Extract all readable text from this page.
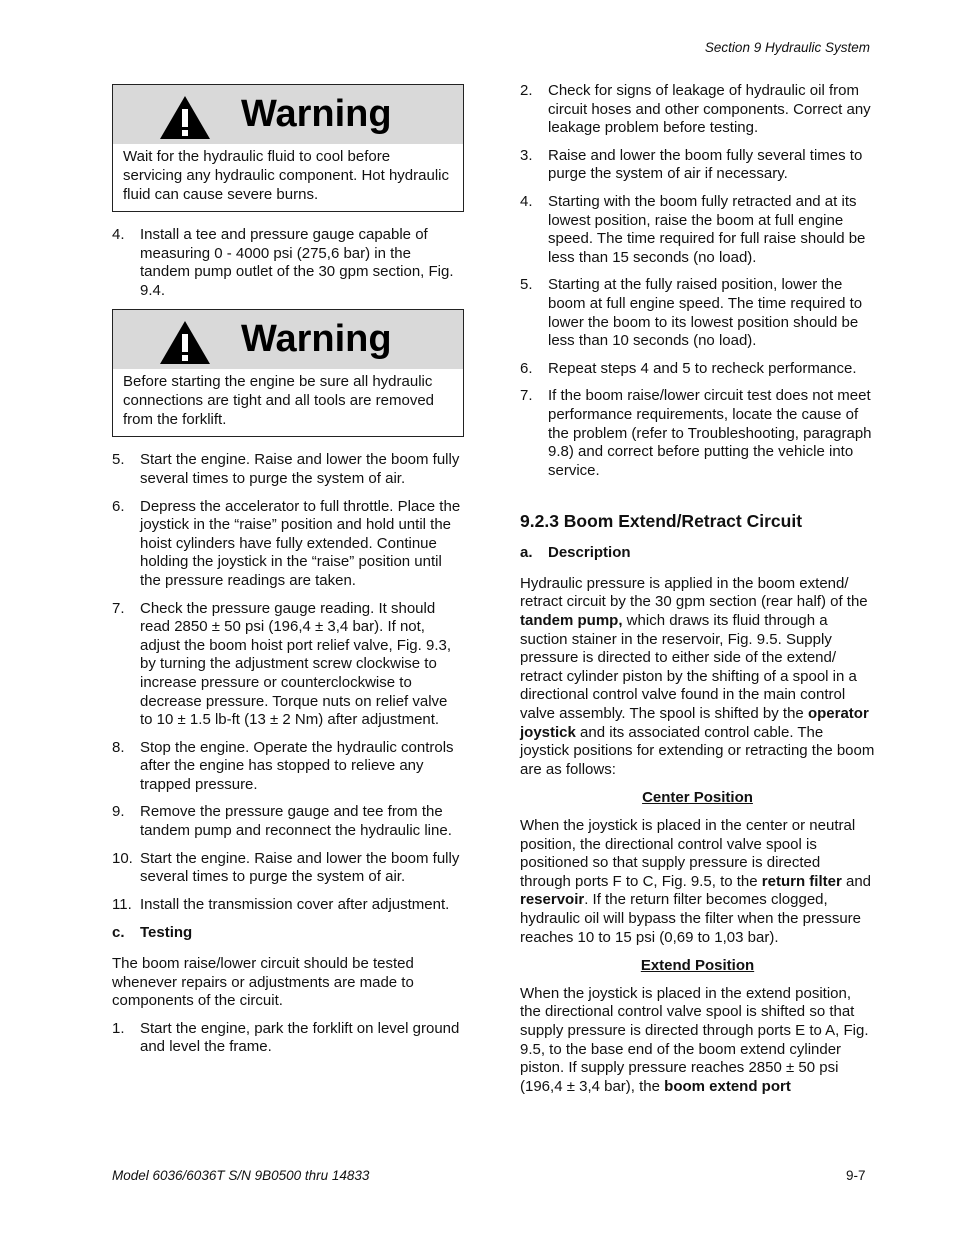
Section 9 Hydraulic System
Warning
Wait for the hydraulic fluid to cool before servicing any hydraulic component. Hot hydraulic fluid can cause severe burns.
4.	Install a tee and pressure gauge capable of measuring 0 - 4000 psi (275,6 bar) in the tandem pump outlet of the 30 gpm section, Fig. 9.4.
Warning
Before starting the engine be sure all hydraulic connections are tight and all tools are removed from the forklift.
5.	Start the engine. Raise and lower the boom fully several times to purge the system of air.
6.	Depress the accelerator to full throttle. Place the joystick in the “raise” position and hold until the hoist cylinders have fully extended. Continue holding the joystick in the “raise” position until the pressure readings are taken.
7.	Check the pressure gauge reading. It should read 2850 ± 50 psi (196,4 ± 3,4 bar). If not, adjust the boom hoist port relief valve, Fig. 9.3, by turning the adjustment screw clockwise to increase pressure or counterclockwise to decrease pressure. Torque nuts on relief valve to 10 ± 1.5 lb-ft (13 ± 2 Nm) after adjustment.
8.	Stop the engine. Operate the hydraulic controls after the engine has stopped to relieve any trapped pressure.
9.	Remove the pressure gauge and tee from the tandem pump and reconnect the hydraulic line.
10. Start the engine. Raise and lower the boom fully several times to purge the system of air.
11. Install the transmission cover after adjustment.
c. Testing

The boom raise/lower circuit should be tested whenever repairs or adjustments are made to components of the circuit.

1.	Start the engine, park the forklift on level ground and level the frame.
2.	Check for signs of leakage of hydraulic oil from circuit hoses and other components. Correct any leakage problem before testing.
3.	Raise and lower the boom fully several times to purge the system of air if necessary.
4.	Starting with the boom fully retracted and at its lowest position, raise the boom at full engine speed. The time required for full raise should be less than 15 seconds (no load).
5.	Starting at the fully raised position, lower the boom at full engine speed. The time required to lower the boom to its lowest position should be less than 10 seconds (no load).
6.	Repeat steps 4 and 5 to recheck performance.
7.	If the boom raise/lower circuit test does not meet performance requirements, locate the cause of the problem (refer to Troubleshooting, paragraph 9.8) and correct before putting the vehicle into service.
9.2.3 Boom Extend/Retract Circuit
a. Description

Hydraulic pressure is applied in the boom extend/ retract circuit by the 30 gpm section (rear half) of the tandem pump, which draws its fluid through a suction stainer in the reservoir, Fig. 9.5. Supply pressure is directed to either side of the extend/ retract cylinder piston by the shifting of a spool in a directional control valve found in the main control valve assembly. The spool is shifted by the operator joystick and its associated control cable. The joystick positions for extending or retracting the boom are as follows:

Center Position

When the joystick is placed in the center or neutral position, the directional control valve spool is positioned so that supply pressure is directed through ports F to C, Fig. 9.5, to the return filter and reservoir. If the return filter becomes clogged, hydraulic oil will bypass the filter when the pressure reaches 10 to 15 psi (0,69 to 1,03 bar).

Extend Position

When the joystick is placed in the extend position, the directional control valve spool is shifted so that supply pressure is directed through ports E to A, Fig. 9.5, to the base end of the boom extend cylinder piston. If supply pressure reaches 2850 ± 50 psi (196,4 ± 3,4 bar), the boom extend port

Model 6036/6036T S/N 9B0500 thru 14833	9-7
